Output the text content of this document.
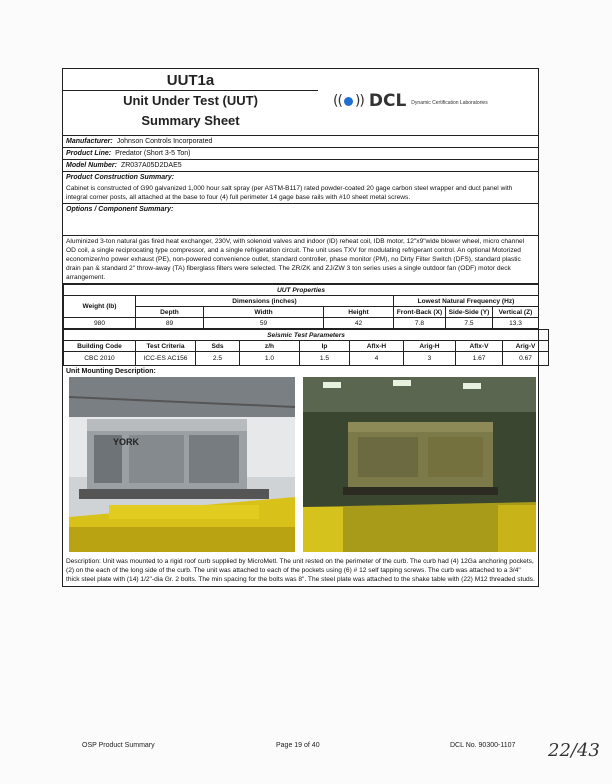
UUT1a
Unit Under Test (UUT)
Summary Sheet
(( )) DCL Dynamic Certification Laboratories
Manufacturer: Johnson Controls Incorporated
Product Line: Predator (Short 3-5 Ton)
Model Number: ZR037A05D2DAE5
Product Construction Summary:
Cabinet is constructed of G90 galvanized 1,000 hour salt spray (per ASTM-B117) rated powder-coated 20 gage carbon steel wrapper and duct panel with integral corner posts, all attached at the base to four (4) full perimeter 14 gage base rails with #10 sheet metal screws.
Options / Component Summary:
Aluminized 3-ton natural gas fired heat exchanger, 230V, with solenoid valves and indoor (ID) reheat coil, IDB motor, 12"x9"wide blower wheel, micro channel OD coil, a single reciprocating type compressor, and a single refrigeration circuit. The unit uses TXV for modulating refrigerant control. An optional Motorized economizer/no power exhaust (PE), non-powered convenience outlet, standard controller, phase monitor (PM), no Dirty Filter Switch (DFS), standard plastic drain pan & standard 2" throw-away (TA) fiberglass filters were selected. The ZR/ZK and ZJ/ZW 3 ton series uses a single outdoor fan (ODF) motor deck arrangement.
UUT Properties						
Weight (lb)	Dimensions (inches)			Lowest Natural Frequency (Hz)		
	Depth	Width	Height	Front-Back (X)	Side-Side (Y)	Vertical (Z)
980	89	59	42	7.8	7.5	13.3
Seismic Test Parameters								
Building Code	Test Criteria	Sds	z/h	Ip	Aflx-H	Arig-H	Aflx-V	Arig-V
CBC 2010	ICC-ES AC156	2.5	1.0	1.5	4	3	1.67	0.67
Unit Mounting Description:
YORK
Description: Unit was mounted to a rigid roof curb supplied by MicroMetl. The unit rested on the perimeter of the curb. The curb had (4) 12Ga anchoring pockets, (2) on the each of the long side of the curb. The unit was attached to each of the pockets using (6) # 12 self tapping screws. The curb was attached to a 3/4" thick steel plate with (14) 1/2"-dia Gr. 2 bolts. The min spacing for the bolts was 8". The steel plate was attached to the shake table with (22) M12 threaded studs.
OSP Product Summary	Page 19 of 40	DCL No. 90300-1107 22/43
